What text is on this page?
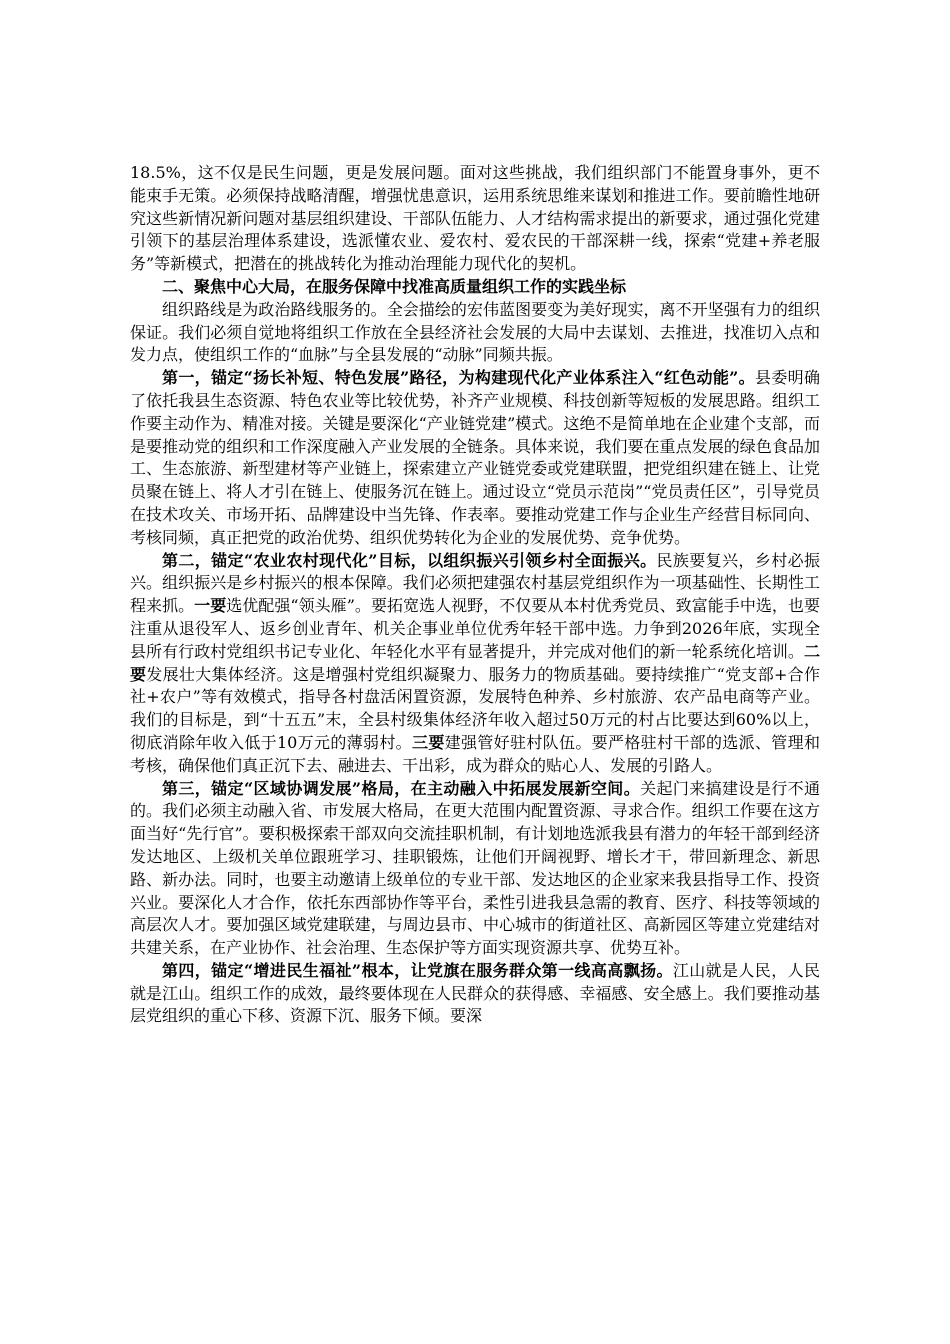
18.5%，这不仅是民生问题，更是发展问题。面对这些挑战，我们组织部门不能置身事外，更不能束手无策。必须保持战略清醒，增强忧患意识，运用系统思维来谋划和推进工作。要前瞻性地研究这些新情况新问题对基层组织建设、干部队伍能力、人才结构需求提出的新要求，通过强化党建引领下的基层治理体系建设，选派懂农业、爱农村、爱农民的干部深耕一线，探索“党建+养老服务”等新模式，把潜在的挑战转化为推动治理能力现代化的契机。

二、聚焦中心大局，在服务保障中找准高质量组织工作的实践坐标

组织路线是为政治路线服务的。全会描绘的宏伟蓝图要变为美好现实，离不开坚强有力的组织保证。我们必须自觉地将组织工作放在全县经济社会发展的大局中去谋划、去推进，找准切入点和发力点，使组织工作的“血脉”与全县发展的“动脉”同频共振。

第一，锚定“扬长补短、特色发展”路径，为构建现代化产业体系注入“红色动能”。县委明确了依托我县生态资源、特色农业等比较优势，补齐产业规模、科技创新等短板的发展思路。组织工作要主动作为、精准对接。关键是要深化“产业链党建”模式。这绝不是简单地在企业建个支部，而是要推动党的组织和工作深度融入产业发展的全链条。具体来说，我们要在重点发展的绿色食品加工、生态旅游、新型建材等产业链上，探索建立产业链党委或党建联盟，把党组织建在链上、让党员聚在链上、将人才引在链上、使服务沉在链上。通过设立“党员示范岗”“党员责任区”，引导党员在技术攻关、市场开拓、品牌建设中当先锋、作表率。要推动党建工作与企业生产经营目标同向、考核同频，真正把党的政治优势、组织优势转化为企业的发展优势、竞争优势。

第二，锚定“农业农村现代化”目标，以组织振兴引领乡村全面振兴。民族要复兴，乡村必振兴。组织振兴是乡村振兴的根本保障。我们必须把建强农村基层党组织作为一项基础性、长期性工程来抓。一要选优配强“领头雁”。要拓宽选人视野，不仅要从本村优秀党员、致富能手中选，也要注重从退役军人、返乡创业青年、机关企事业单位优秀年轻干部中选。力争到2026年底，实现全县所有行政村党组织书记专业化、年轻化水平有显著提升，并完成对他们的新一轮系统化培训。二要发展壮大集体经济。这是增强村党组织凝聚力、服务力的物质基础。要持续推广“党支部+合作社+农户”等有效模式，指导各村盘活闲置资源，发展特色种养、乡村旅游、农产品电商等产业。我们的目标是，到“十五五”末，全县村级集体经济年收入超过50万元的村占比要达到60%以上，彻底消除年收入低于10万元的薄弱村。三要建强管好驻村队伍。要严格驻村干部的选派、管理和考核，确保他们真正沉下去、融进去、干出彩，成为群众的贴心人、发展的引路人。

第三，锚定“区域协调发展”格局，在主动融入中拓展发展新空间。关起门来搞建设是行不通的。我们必须主动融入省、市发展大格局，在更大范围内配置资源、寻求合作。组织工作要在这方面当好“先行官”。要积极探索干部双向交流挂职机制，有计划地选派我县有潜力的年轻干部到经济发达地区、上级机关单位跟班学习、挂职锻炼，让他们开阔视野、增长才干，带回新理念、新思路、新办法。同时，也要主动邀请上级单位的专业干部、发达地区的企业家来我县指导工作、投资兴业。要深化人才合作，依托东西部协作等平台，柔性引进我县急需的教育、医疗、科技等领域的高层次人才。要加强区域党建联建，与周边县市、中心城市的街道社区、高新园区等建立党建结对共建关系，在产业协作、社会治理、生态保护等方面实现资源共享、优势互补。

第四，锚定“增进民生福祉”根本，让党旗在服务群众第一线高高飘扬。江山就是人民，人民就是江山。组织工作的成效，最终要体现在人民群众的获得感、幸福感、安全感上。我们要推动基层党组织的重心下移、资源下沉、服务下倾。要深
